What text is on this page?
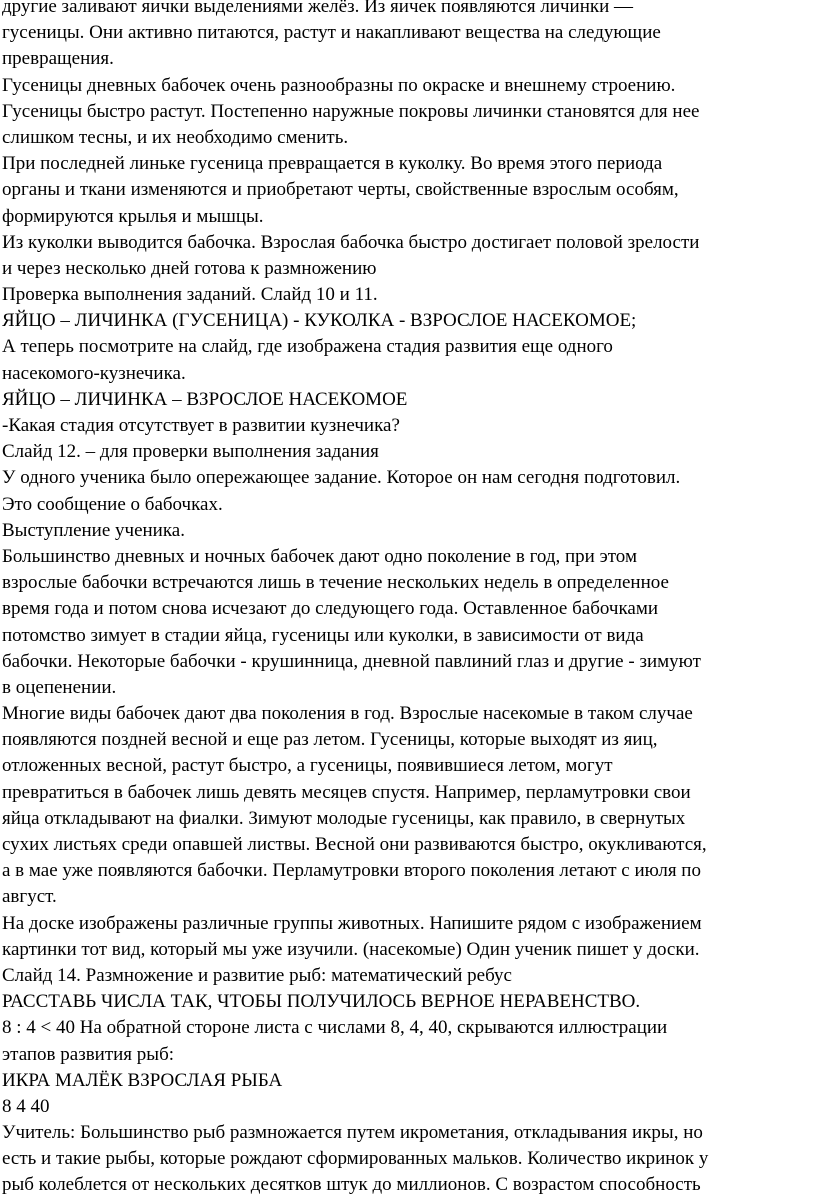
другие заливают яички выделениями желёз. Из яичек появляются личинки —
гусеницы. Они активно питаются, растут и накапливают вещества на следующие
превращения.
Гусеницы дневных бабочек очень разнообразны по окраске и внешнему строению.
Гусеницы быстро растут. Постепенно наружные покровы личинки становятся для нее
слишком тесны, и их необходимо сменить.
При последней линьке гусеница превращается в куколку. Во время этого периода
органы и ткани изменяются и приобретают черты, свойственные взрослым особям,
формируются крылья и мышцы.
Из куколки выводится бабочка. Взрослая бабочка быстро достигает половой зрелости
и через несколько дней готова к размножению
Проверка выполнения заданий. Слайд 10 и 11.
ЯЙЦО – ЛИЧИНКА (ГУСЕНИЦА) - КУКОЛКА - ВЗРОСЛОЕ НАСЕКОМОЕ;
А теперь посмотрите на слайд, где изображена стадия развития еще одного
насекомого-кузнечика.
ЯЙЦО – ЛИЧИНКА – ВЗРОСЛОЕ НАСЕКОМОЕ
-Какая стадия отсутствует в развитии кузнечика?
Слайд 12. – для проверки выполнения задания
У одного ученика было опережающее задание. Которое он нам сегодня подготовил.
Это сообщение о бабочках.
Выступление ученика.
Большинство дневных и ночных бабочек дают одно поколение в год, при этом
взрослые бабочки встречаются лишь в течение нескольких недель в определенное
время года и потом снова исчезают до следующего года. Оставленное бабочками
потомство зимует в стадии яйца, гусеницы или куколки, в зависимости от вида
бабочки. Некоторые бабочки - крушинница, дневной павлиний глаз и другие - зимуют
в оцепенении.
Многие виды бабочек дают два поколения в год. Взрослые насекомые в таком случае
появляются поздней весной и еще раз летом. Гусеницы, которые выходят из яиц,
отложенных весной, растут быстро, а гусеницы, появившиеся летом, могут
превратиться в бабочек лишь девять месяцев спустя. Например, перламутровки свои
яйца откладывают на фиалки. Зимуют молодые гусеницы, как правило, в свернутых
сухих листьях среди опавшей листвы. Весной они развиваются быстро, окукливаются,
а в мае уже появляются бабочки. Перламутровки второго поколения летают с июля по
август.
На доске изображены различные группы животных. Напишите рядом с изображением
картинки тот вид, который мы уже изучили. (насекомые) Один ученик пишет у доски.
Слайд 14. Размножение и развитие рыб: математический ребус
РАССТАВЬ ЧИСЛА ТАК, ЧТОБЫ ПОЛУЧИЛОСЬ ВЕРНОЕ НЕРАВЕНСТВО.
8 : 4 < 40 На обратной стороне листа с числами 8, 4, 40, скрываются иллюстрации
этапов развития рыб:
ИКРА МАЛЁК ВЗРОСЛАЯ РЫБА
8 4 40
Учитель: Большинство рыб размножается путем икрометания, откладывания икры, но
есть и такие рыбы, которые рождают сформированных мальков. Количество икринок у
рыб колеблется от нескольких десятков штук до миллионов. С возрастом способность
